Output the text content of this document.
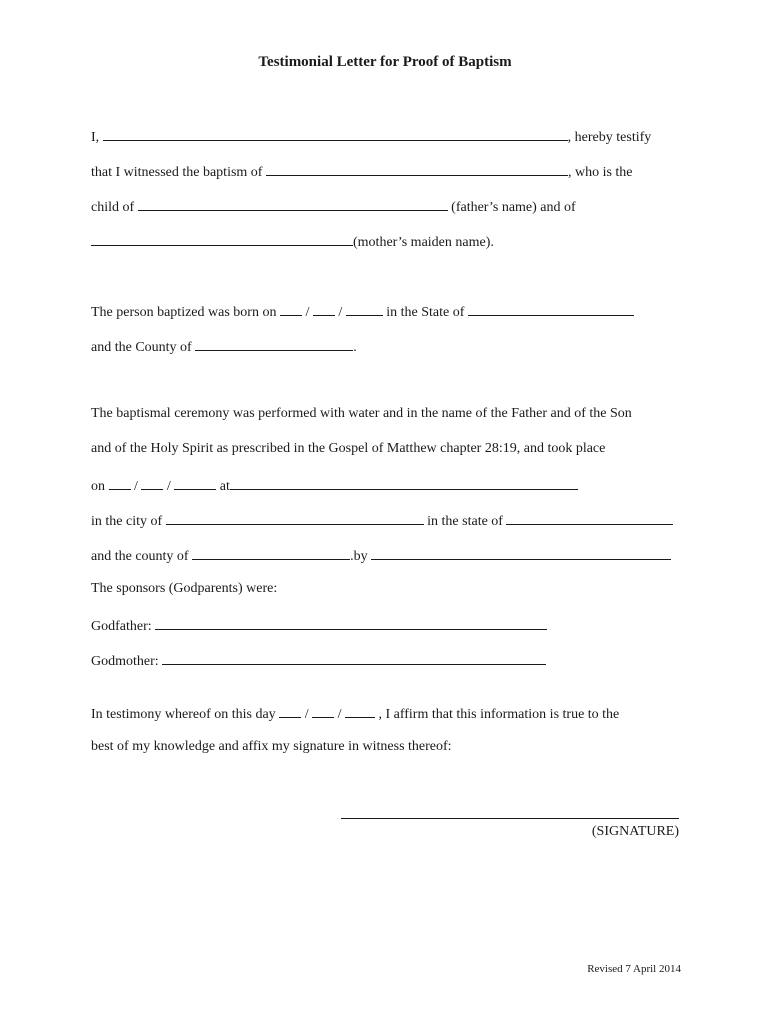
Testimonial Letter for Proof of Baptism
I,	, hereby testify
that I witnessed the baptism of	, who is the
child of	(father’s name) and of
(mother’s maiden name).
The person baptized was born on  /  /	in the State of
and the County of	.
The baptismal ceremony was performed with water and in the name of the Father and of the Son
and of the Holy Spirit as prescribed in the Gospel of Matthew chapter 28:19, and took place
on  /  /	at
in the city of	in the state of
and the county of	.by
The sponsors (Godparents) were:
Godfather:
Godmother:
In testimony whereof on this day  /  /  , I affirm that this information is true to the
best of my knowledge and affix my signature in witness thereof:
(SIGNATURE)
Revised 7 April 2014
